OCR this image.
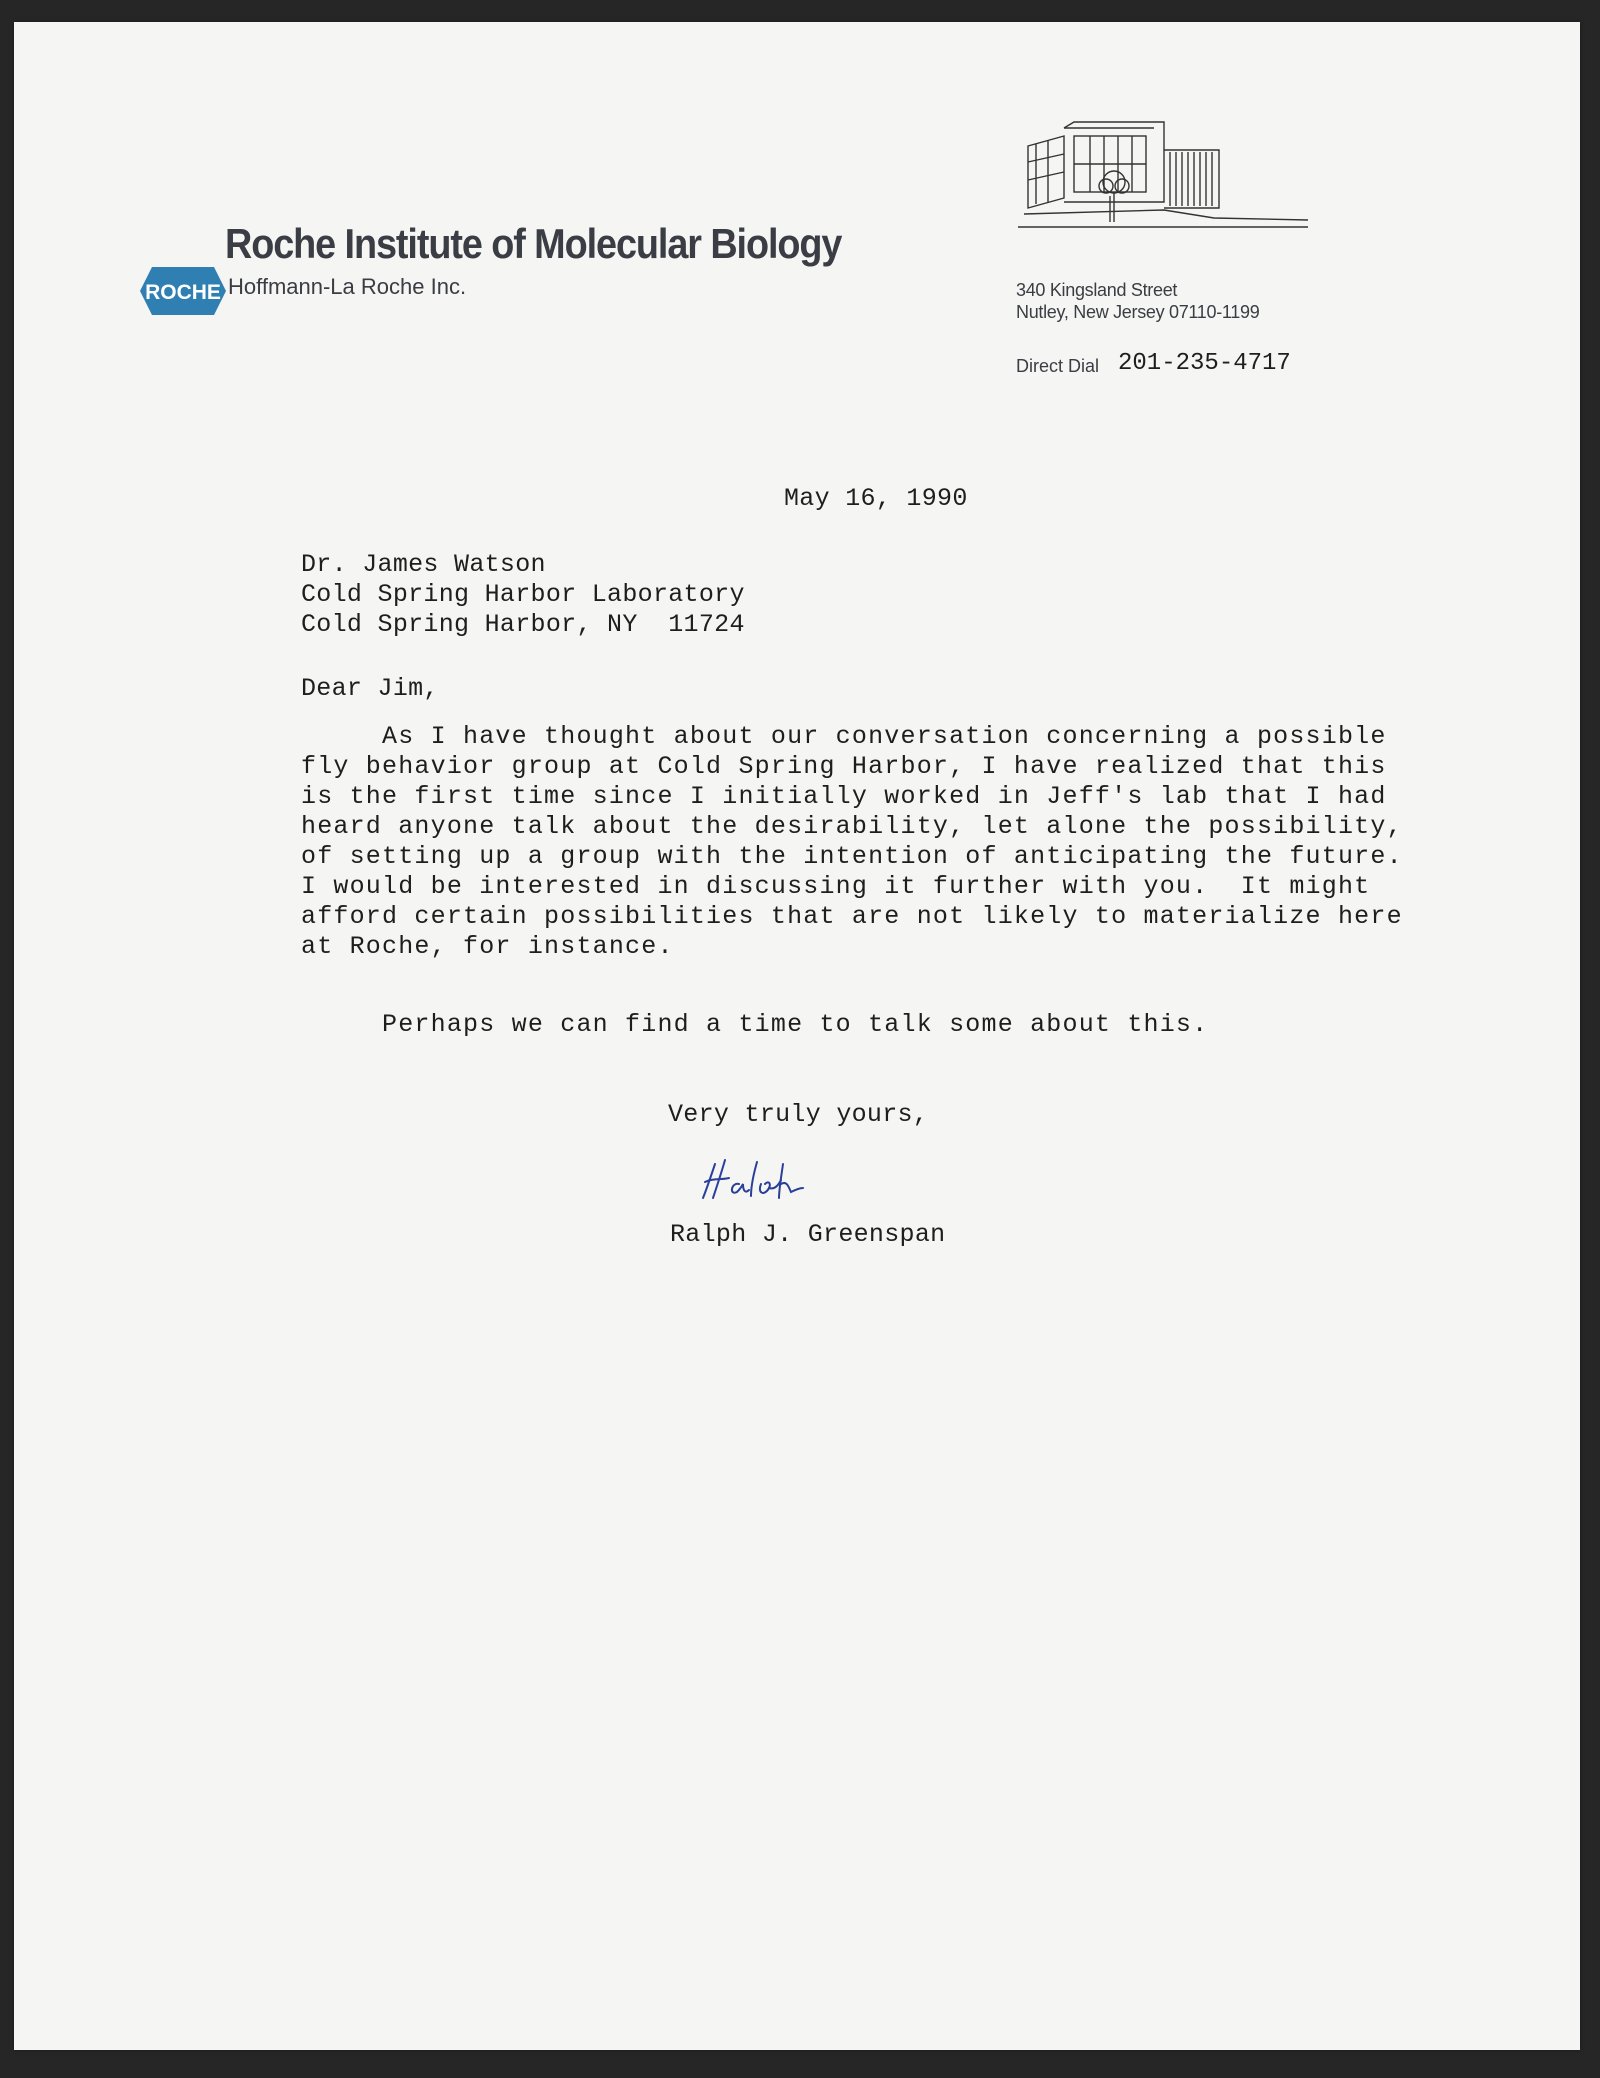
Roche Institute of Molecular Biology
ROCHE Hoffmann-La Roche Inc.	340 Kingsland Street
Nutley, New Jersey 07110-1199
Direct Dial 201-235-4717
May 16, 1990
Dr. James Watson
Cold Spring Harbor Laboratory
Cold Spring Harbor, NY  11724
Dear Jim,
As I have thought about our conversation concerning a possible
fly behavior group at Cold Spring Harbor, I have realized that this
is the first time since I initially worked in Jeff's lab that I had
heard anyone talk about the desirability, let alone the possibility,
of setting up a group with the intention of anticipating the future.
I would be interested in discussing it further with you.  It might
afford certain possibilities that are not likely to materialize here
at Roche, for instance.
Perhaps we can find a time to talk some about this.
Very truly yours,
Ralph J. Greenspan
